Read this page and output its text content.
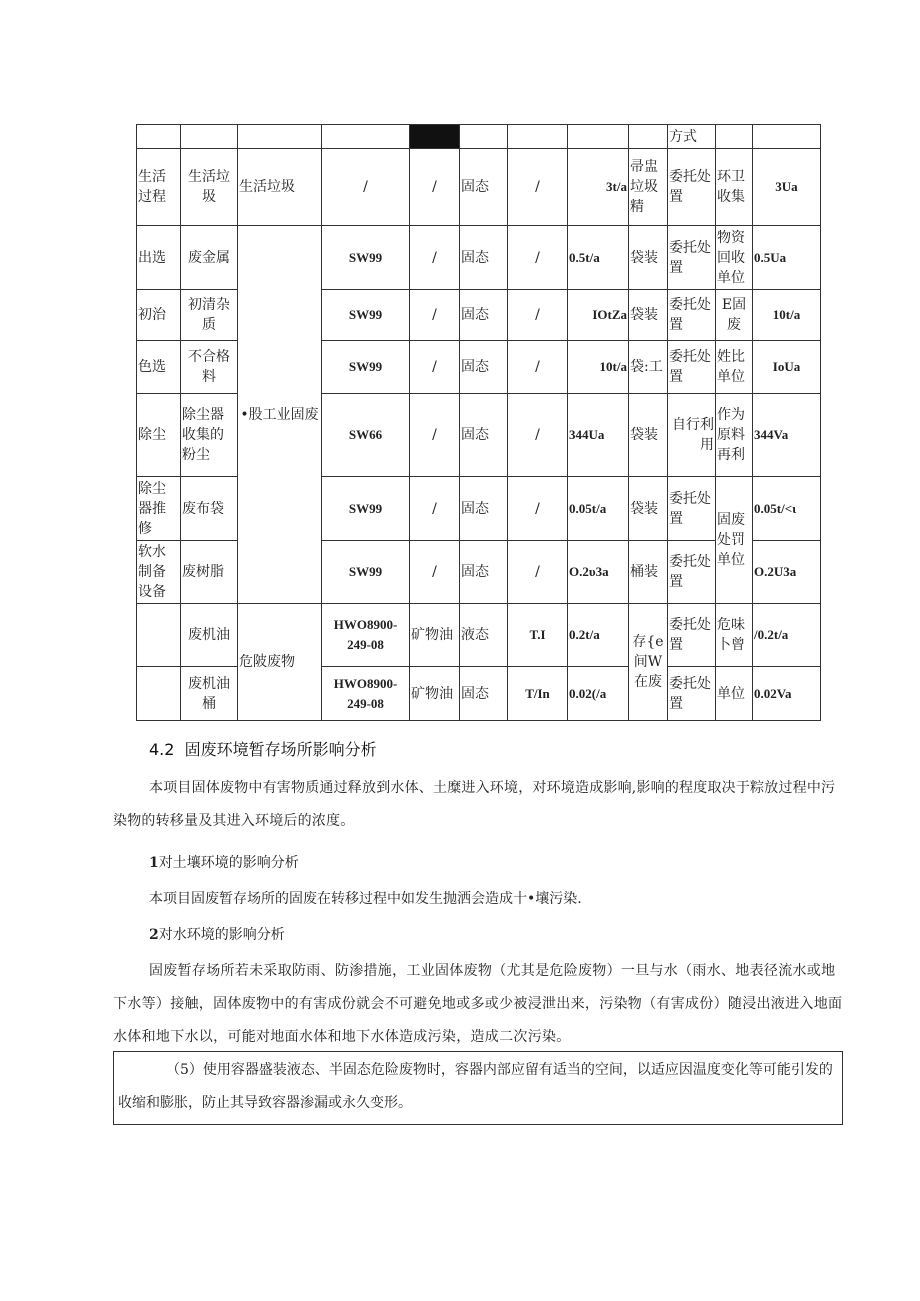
									方式		
生活过程	生活垃圾	生活垃圾	/	/	固态	/	3t/a	帚盅垃圾精	委托处置	环卫收集	3Ua
出选	废金属	•股工业固废	SW99	/	固态	/	0.5t/a	袋装	委托处置	物资回收单位	0.5Ua
初治	初清杂质		SW99	/	固态	/	IOtZa	袋装	委托处置	E固废	10t/a
色选	不合格料		SW99	/	固态	/	10t/a	袋:工	委托处置	姓比单位	IoUa
除尘	除尘器收集的粉尘		SW66	/	固态	/	344Ua	袋装	自行利用	作为原料再利	344Va
除尘器推修	废布袋		SW99	/	固态	/	0.05t/a	袋装	委托处置	固废处罚单位	0.05t/<ι
软水制备设备	废树脂		SW99	/	固态	/	O.2υ3a	桶装	委托处置		O.2U3a
	废机油	危陂废物	HWO8900-249-08	矿物油	液态	T.I	0.2t/a	存{e间W在废	委托处置	危味卜曾	/0.2t/a
	废机油桶		HWO8900-249-08	矿物油	固态	T/In	0.02(/a		委托处置	单位	0.02Va
4.2 固废环境暂存场所影响分析
本项目固体废物中有害物质通过释放到水体、土糜进入环境，对环境造成影响,影响的程度取决于粽放过程中污染物的转移量及其进入环境后的浓度。
1对土壤环境的影响分析
本项目固废暂存场所的固废在转移过程中如发生抛洒会造成十•壤污染.
2对水环境的影响分析
固废暂存场所若未采取防雨、防渗措施，工业固体废物（尤其是危险废物）一旦与水（雨水、地表径流水或地下水等）接触，固体废物中的有害成份就会不可避免地或多或少被浸泄出来，污染物（有害成份）随浸出液进入地面水体和地下水以，可能对地面水体和地下水体造成污染，造成二次污染。
（5）使用容器盛装液态、半固态危险废物时，容器内部应留有适当的空间，以适应因温度变化等可能引发的收缩和膨胀，防止其导致容器渗漏或永久变形。
